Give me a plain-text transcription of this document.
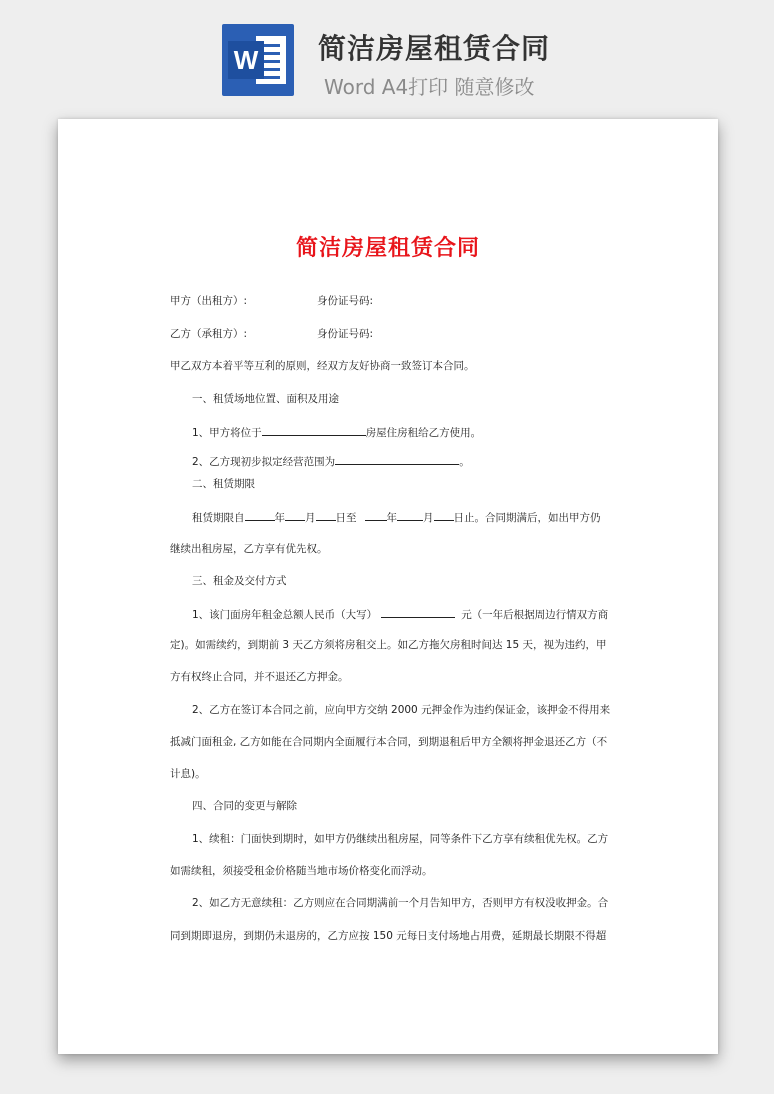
W 简洁房屋租赁合同
Word A4打印 随意修改
简洁房屋租赁合同
甲方（出租方）:	身份证号码:
乙方（承租方）:	身份证号码:
甲乙双方本着平等互利的原则，经双方友好协商一致签订本合同。
一、租赁场地位置、面积及用途
1、甲方将位于	房屋住房租给乙方使用。
2、乙方现初步拟定经营范围为	。
二、租赁期限
租赁期限自	年 月 日至	年 月 日止。合同期满后，如出甲方仍
继续出租房屋，乙方享有优先权。
三、租金及交付方式
1、该门面房年租金总额人民币（大写）	元（一年后根据周边行情双方商
定)。如需续约，到期前 3 天乙方须将房租交上。如乙方拖欠房租时间达 15 天，视为违约，甲
方有权终止合同，并不退还乙方押金。
2、乙方在签订本合同之前，应向甲方交纳 2000 元押金作为违约保证金，该押金不得用来
抵减门面租金, 乙方如能在合同期内全面履行本合同，到期退租后甲方全额将押金退还乙方（不
计息)。
四、合同的变更与解除
1、续租：门面快到期时，如甲方仍继续出租房屋，同等条件下乙方享有续租优先权。乙方
如需续租，须接受租金价格随当地市场价格变化而浮动。
2、如乙方无意续租：乙方则应在合同期满前一个月告知甲方，否则甲方有权没收押金。合
同到期即退房，到期仍未退房的，乙方应按 150 元每日支付场地占用费，延期最长期限不得超
